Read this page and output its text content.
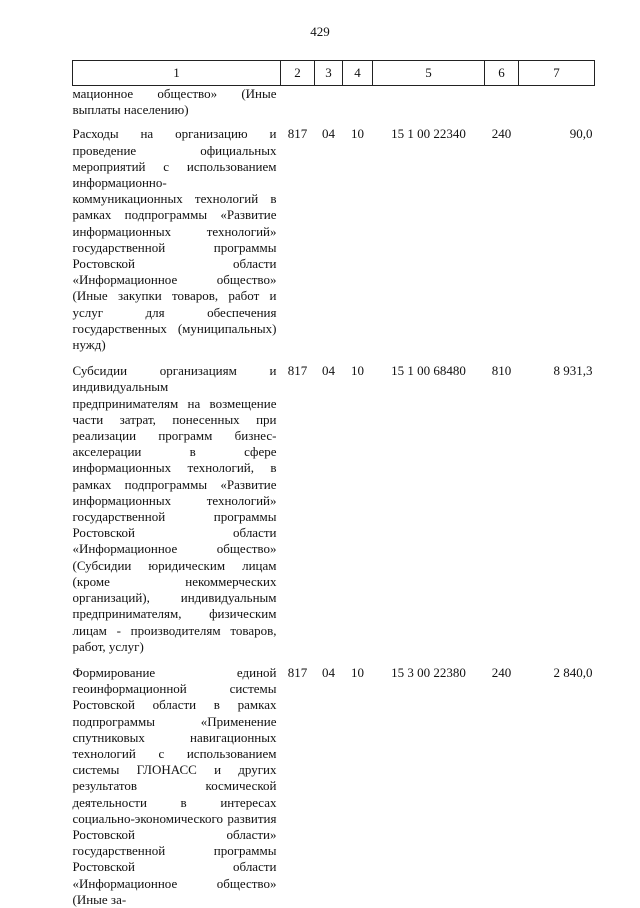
429
1	2	3	4	5	6	7
мационное общество» (Иные выплаты населению)						
Расходы на организацию и проведение официальных мероприятий с использованием информационно-коммуникационных технологий в рамках подпрограммы «Развитие информационных технологий» государственной программы Ростовской области «Информационное общество» (Иные закупки товаров, работ и услуг для обеспечения государственных (муниципальных) нужд)	817	04	10	15 1 00 22340	240	90,0
Субсидии организациям и индивидуальным предпринимателям на возмещение части затрат, понесенных при реализации программ бизнес-акселерации в сфере информационных технологий, в рамках подпрограммы «Развитие информационных технологий» государственной программы Ростовской области «Информационное общество» (Субсидии юридическим лицам (кроме некоммерческих организаций), индивидуальным предпринимателям, физическим лицам - производителям товаров, работ, услуг)	817	04	10	15 1 00 68480	810	8 931,3
Формирование единой геоинформационной системы Ростовской области в рамках подпрограммы «Применение спутниковых навигационных технологий с использованием системы ГЛОНАСС и других результатов космической деятельности в интересах социально-экономического развития Ростовской области» государственной программы Ростовской области «Информационное общество» (Иные за-	817	04	10	15 3 00 22380	240	2 840,0
